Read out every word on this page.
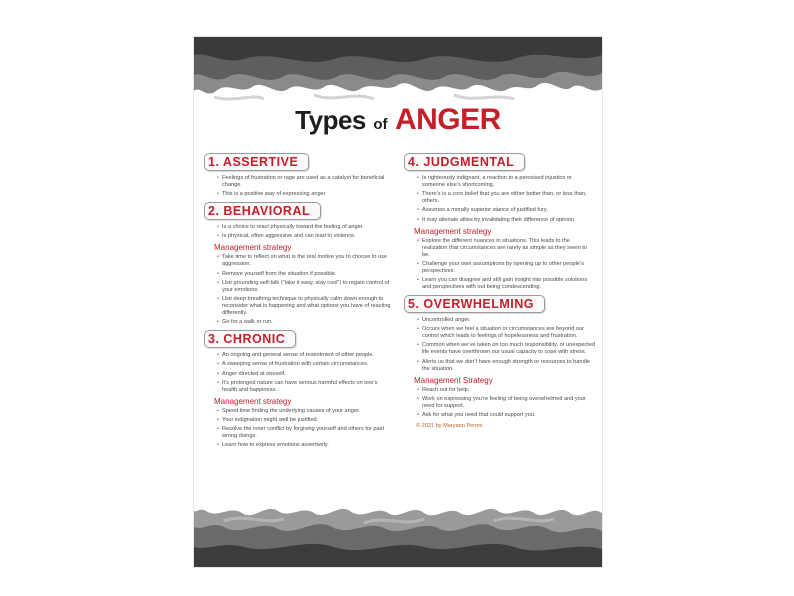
Types of ANGER
1. ASSERTIVE
• Feelings of frustration or rage are used as a catalyst for beneficial change.
• This is a positive way of expressing anger
2. BEHAVIORAL
• Is a choice to react physically toward the feeling of anger.
• Is physical, often aggressive and can lead to violence.
Management strategy
• Take time to reflect on what is the real motive you to choose to use aggression.
• Remove yourself from the situation if possible.
• Use grounding self-talk (“take it easy, stay cool”) to regain control of your emotions.
• Use deep breathing technique to physically calm down enough to reconsider what is happening and what options you have of reacting differently.
• Go for a walk or run.
3. CHRONIC
• An ongoing and general sense of resentment of other people.
• A sweeping sense of frustration with certain circumstances.
• Anger directed at oneself.
• It’s prolonged nature can have serious harmful effects on one’s health and happiness.
Management strategy
• Spend time finding the underlying causes of your anger.
• Your indignation might well be justified.
• Resolve the inner conflict by forgiving yourself and others for past wrong doings.
• Learn how to express emotions assertively.
4. JUDGMENTAL
• Is righteously indignant, a reaction to a perceived injustice or someone else’s shortcoming.
• There’s is a core belief that you are either better than, or less than, others.
• Assumes a morally superior stance of justified fury.
• It may alienate allies by invalidating their difference of opinion.
Management strategy
• Explore the different nuances in situations. This leads to the realization that circumstances are rarely as simple as they seem to be.
• Challenge your own assumptions by opening up to other people’s perspectives.
• Learn you can disagree and still gain insight into possible solutions and perspectives with out being condescending.
5. OVERWHELMING
• Uncontrolled anger.
• Occurs when we feel a situation or circumstances are beyond our control which leads to feelings of hopelessness and frustration.
• Common when we’ve taken on too much responsibility, or unexpected life events have overthrown our usual capacity to cope with stress.
• Alerts us that we don’t have enough strength or resources to handle the situation.
Management Strategy
• Reach out for help.
• Work on expressing you’re feeling of being overwhelmed and your need for support.
• Ask for what you need that could support you.
© 2021 by Maryann Perrini
